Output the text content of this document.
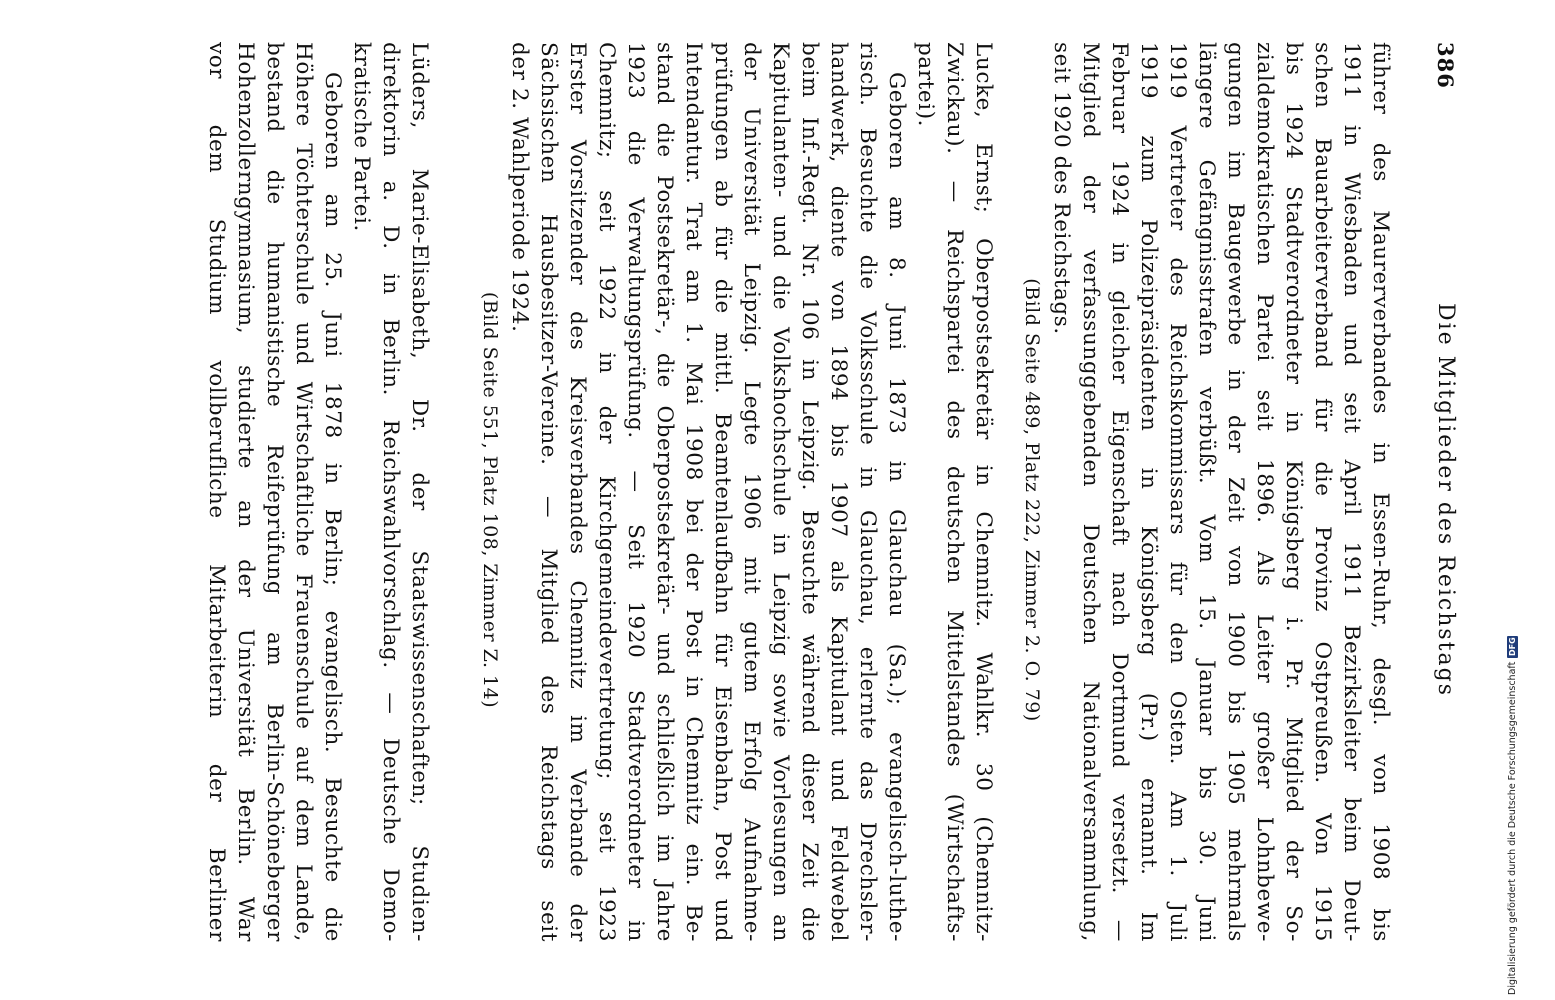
386
Die Mitglieder des Reichstags
führer des Maurerverbandes in Essen-Ruhr, desgl. von 1908 bis
1911 in Wiesbaden und seit April 1911 Bezirksleiter beim Deut-
schen Bauarbeiterverband für die Provinz Ostpreußen. Von 1915
bis 1924 Stadtverordneter in Königsberg i. Pr. Mitglied der So-
zialdemokratischen Partei seit 1896. Als Leiter großer Lohnbewe-
gungen im Baugewerbe in der Zeit von 1900 bis 1905 mehrmals
längere Gefängnisstrafen verbüßt. Vom 15. Januar bis 30. Juni
1919 Vertreter des Reichskommissars für den Osten. Am 1. Juli
1919 zum Polizeipräsidenten in Königsberg (Pr.) ernannt. Im
Februar 1924 in gleicher Eigenschaft nach Dortmund versetzt. —
Mitglied der verfassunggebenden Deutschen Nationalversammlung,
seit 1920 des Reichstags.
(Bild Seite 489, Platz 222, Zimmer 2. O. 79)
Lucke, Ernst; Oberpostsekretär in Chemnitz. Wahlkr. 30 (Chemnitz-
Zwickau). — Reichspartei des deutschen Mittelstandes (Wirtschafts-
partei).
Geboren am 8. Juni 1873 in Glauchau (Sa.); evangelisch-luthe-
risch. Besuchte die Volksschule in Glauchau, erlernte das Drechsler-
handwerk, diente von 1894 bis 1907 als Kapitulant und Feldwebel
beim Inf.-Regt. Nr. 106 in Leipzig. Besuchte während dieser Zeit die
Kapitulanten- und die Volkshochschule in Leipzig sowie Vorlesungen an
der Universität Leipzig. Legte 1906 mit gutem Erfolg Aufnahme-
prüfungen ab für die mittl. Beamtenlaufbahn für Eisenbahn, Post und
Intendantur. Trat am 1. Mai 1908 bei der Post in Chemnitz ein. Be-
stand die Postsekretär-, die Oberpostsekretär- und schließlich im Jahre
1923 die Verwaltungsprüfung. — Seit 1920 Stadtverordneter in
Chemnitz; seit 1922 in der Kirchgemeindevertretung; seit 1923
Erster Vorsitzender des Kreisverbandes Chemnitz im Verbande der
Sächsischen Hausbesitzer-Vereine. — Mitglied des Reichstags seit
der 2. Wahlperiode 1924.
(Bild Seite 551, Platz 108, Zimmer Z. 14)
Lüders, Marie-Elisabeth, Dr. der Staatswissenschaften; Studien-
direktorin a. D. in Berlin. Reichswahlvorschlag. — Deutsche Demo-
kratische Partei.
Geboren am 25. Juni 1878 in Berlin; evangelisch. Besuchte die
Höhere Töchterschule und Wirtschaftliche Frauenschule auf dem Lande,
bestand die humanistische Reifeprüfung am Berlin-Schöneberger
Hohenzollerngymnasium, studierte an der Universität Berlin. War
vor dem Studium vollberufliche Mitarbeiterin der Berliner	Digitalisierung gefördert durch die Deutsche Forschungsgemeinschaft
DFG
